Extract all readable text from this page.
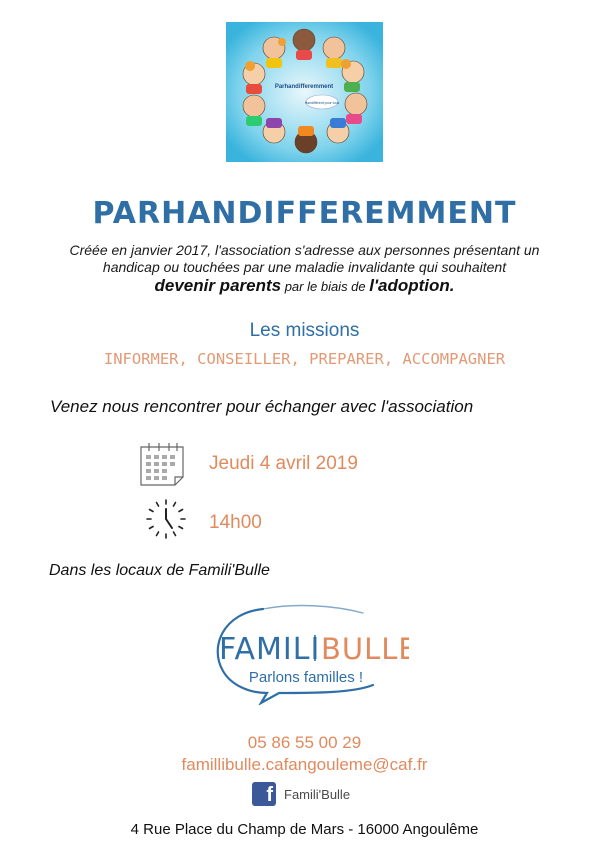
Parhandifferemment
Handifférent pour tous
PARHANDIFFEREMMENT
Créée en janvier 2017, l'association s'adresse aux personnes présentant un
handicap ou touchées par une maladie invalidante qui souhaitent
devenir parents par le biais de l'adoption.
Les missions
INFORMER, CONSEILLER, PREPARER, ACCOMPAGNER
Venez nous rencontrer pour échanger avec l'association
Jeudi 4 avril 2019
14h00
Dans les locaux de Famili'Bulle
FAMILI BULLE
Parlons familles !
05 86 55 00 29
famillibulle.cafangouleme@caf.fr
f Famili'Bulle
4 Rue Place du Champ de Mars - 16000 Angoulême
